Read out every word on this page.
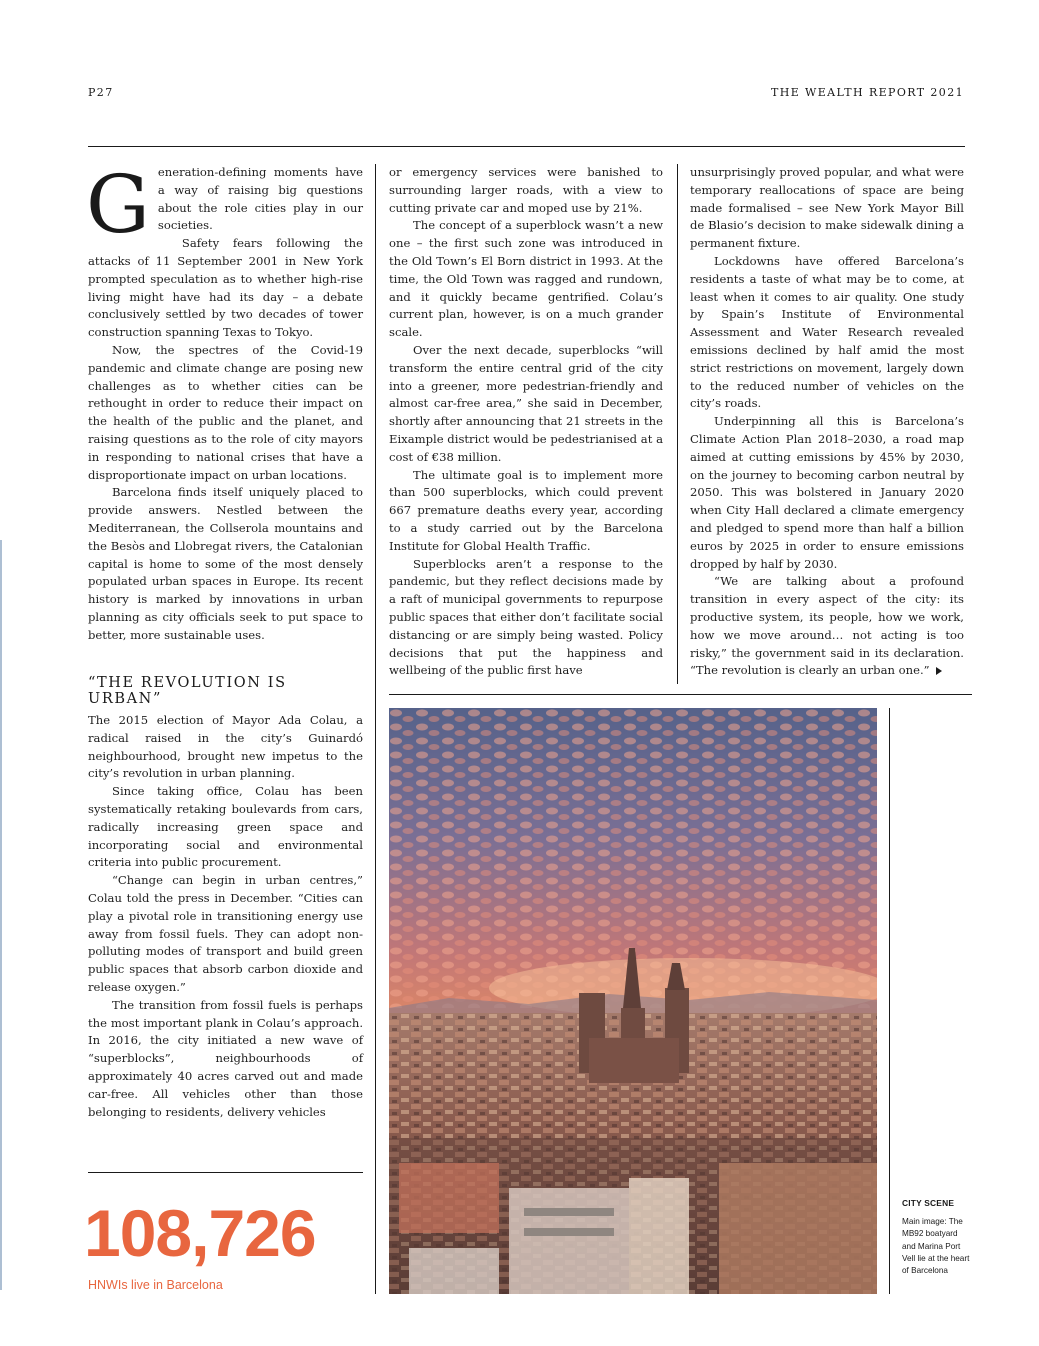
P27	THE WEALTH REPORT 2021
G eneration-defining moments have a way of raising big questions about the role cities play in our societies.

Safety fears following the attacks of 11 September 2001 in New York prompted speculation as to whether high-rise living might have had its day – a debate conclusively settled by two decades of tower construction spanning Texas to Tokyo.

Now, the spectres of the Covid-19 pandemic and climate change are posing new challenges as to whether cities can be rethought in order to reduce their impact on the health of the public and the planet, and raising questions as to the role of city mayors in responding to national crises that have a disproportionate impact on urban locations.

Barcelona finds itself uniquely placed to provide answers. Nestled between the Mediterranean, the Collserola mountains and the Besòs and Llobregat rivers, the Catalonian capital is home to some of the most densely populated urban spaces in Europe. Its recent history is marked by innovations in urban planning as city officials seek to put space to better, more sustainable uses.

“THE REVOLUTION IS URBAN”

The 2015 election of Mayor Ada Colau, a radical raised in the city’s Guinardó neighbourhood, brought new impetus to the city’s revolution in urban planning.

Since taking office, Colau has been systematically retaking boulevards from cars, radically increasing green space and incorporating social and environmental criteria into public procurement.

“Change can begin in urban centres,” Colau told the press in December. “Cities can play a pivotal role in transitioning energy use away from fossil fuels. They can adopt non-polluting modes of transport and build green public spaces that absorb carbon dioxide and release oxygen.”

The transition from fossil fuels is perhaps the most important plank in Colau’s approach. In 2016, the city initiated a new wave of “superblocks”, neighbourhoods of approximately 40 acres carved out and made car-free. All vehicles other than those belonging to residents, delivery vehicles

108,726
HNWIs live in Barcelona

or emergency services were banished to surrounding larger roads, with a view to cutting private car and moped use by 21%.

The concept of a superblock wasn’t a new one – the first such zone was introduced in the Old Town’s El Born district in 1993. At the time, the Old Town was ragged and rundown, and it quickly became gentrified. Colau’s current plan, however, is on a much grander scale.

Over the next decade, superblocks “will transform the entire central grid of the city into a greener, more pedestrian-friendly and almost car-free area,” she said in December, shortly after announcing that 21 streets in the Eixample district would be pedestrianised at a cost of €38 million.

The ultimate goal is to implement more than 500 superblocks, which could prevent 667 premature deaths every year, according to a study carried out by the Barcelona Institute for Global Health Traffic.

Superblocks aren’t a response to the pandemic, but they reflect decisions made by a raft of municipal governments to repurpose public spaces that either don’t facilitate social distancing or are simply being wasted. Policy decisions that put the happiness and wellbeing of the public first have

unsurprisingly proved popular, and what were temporary reallocations of space are being made formalised – see New York Mayor Bill de Blasio’s decision to make sidewalk dining a permanent fixture.

Lockdowns have offered Barcelona’s residents a taste of what may be to come, at least when it comes to air quality. One study by Spain’s Institute of Environmental Assessment and Water Research revealed emissions declined by half amid the most strict restrictions on movement, largely down to the reduced number of vehicles on the city’s roads.

Underpinning all this is Barcelona’s Climate Action Plan 2018–2030, a road map aimed at cutting emissions by 45% by 2030, on the journey to becoming carbon neutral by 2050. This was bolstered in January 2020 when City Hall declared a climate emergency and pledged to spend more than half a billion euros by 2025 in order to ensure emissions dropped by half by 2030.

“We are talking about a profound transition in every aspect of the city: its productive system, its people, how we work, how we move around… not acting is too risky,” the government said in its declaration. “The revolution is clearly an urban one.”

CITY SCENE
Main image: The MB92 boatyard and Marina Port Vell lie at the heart of Barcelona
